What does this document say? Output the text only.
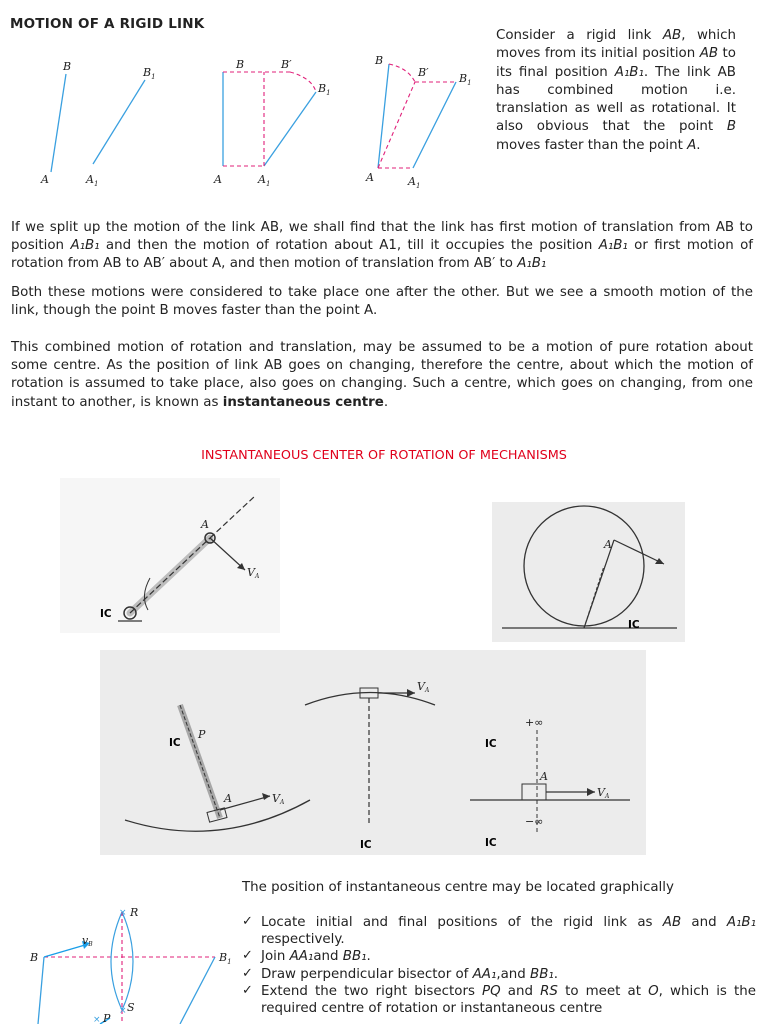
MOTION OF A RIGID LINK
B	$B_1$
A	$A_1$
B	B′
$B_1$
A	$A_1$
B
B′	$B_1$
A	$A_1$
Consider a rigid link AB, which moves from its initial position AB to its final position A₁B₁. The link AB has combined motion i.e. translation as well as rotational. It also obvious that the point B moves faster than the point A.
If we split up the motion of the link AB, we shall find that the link has first motion of translation from AB to position A₁B₁ and then the motion of rotation about A1, till it occupies the position A₁B₁ or first motion of rotation from AB to AB′ about A, and then motion of translation from AB′ to A₁B₁
Both these motions were considered to take place one after the other. But we see a smooth motion of the link, though the point B moves faster than the point A.
This combined motion of rotation and translation, may be assumed to be a motion of pure rotation about some centre. As the position of link AB goes on changing, therefore the centre, about which the motion of rotation is assumed to take place, also goes on changing. Such a centre, which goes on changing, from one instant to another, is known as instantaneous centre.
INSTANTANEOUS CENTER OF ROTATION OF MECHANISMS
A
VA
IC
A
IC
IC
P
A	VA
VA
IC
VA
A
+∞
−∞
IC
IC
The position of instantaneous centre may be located graphically
B	$B_1$
vB
R
S
P
×
×
×
✓ Locate initial and final positions of the rigid link as AB and A₁B₁ respectively.
✓ Join AA₁and BB₁.
✓ Draw perpendicular bisector of AA₁,and BB₁.
✓ Extend the two right bisectors PQ and RS to meet at O, which is the required centre of rotation or instantaneous centre
